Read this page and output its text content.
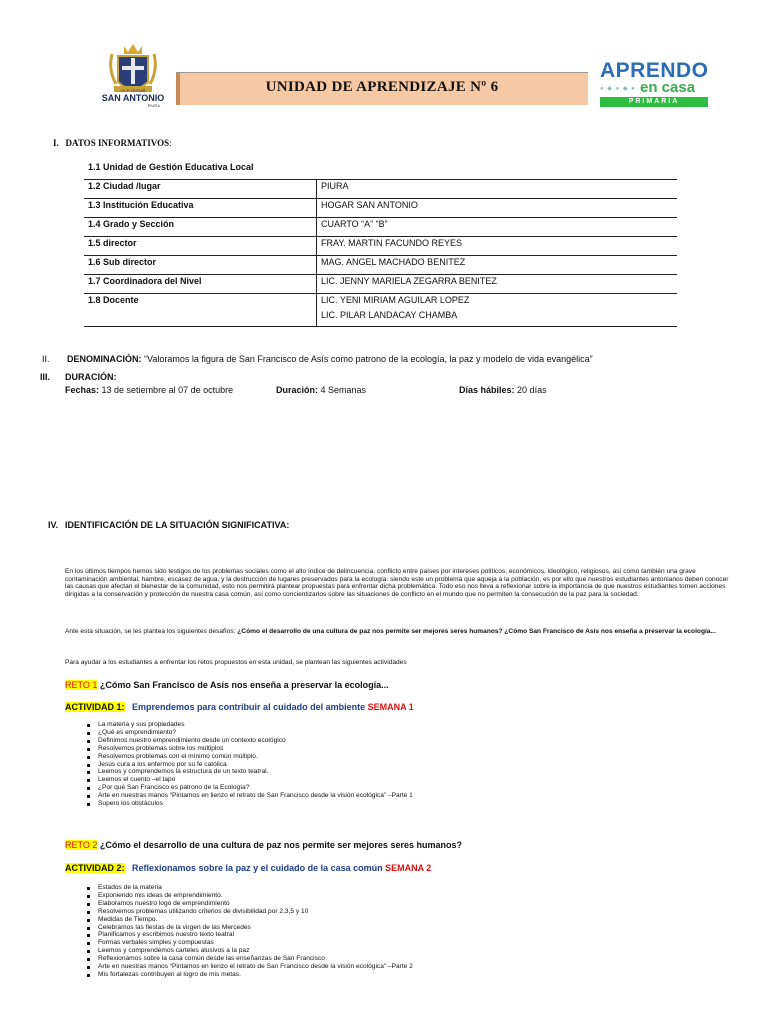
I.E.P. HOGAR
SAN ANTONIO
PIURA
UNIDAD DE APRENDIZAJE Nº 6
APRENDO
● ◆ ● ◆ ● en casa
PRIMARIA
I. DATOS INFORMATIVOS:
1.1 Unidad de Gestión Educativa Local	
1.2 Ciudad /lugar	PIURA
1.3 Institución Educativa	HOGAR SAN ANTONIO
1.4 Grado y Sección	CUARTO “A” “B”
1.5 director	FRAY. MARTIN FACUNDO REYES
1.6 Sub director	MAG. ANGEL MACHADO BENITEZ
1.7 Coordinadora del Nivel	LIC. JENNY MARIELA ZEGARRA BENITEZ
1.8 Docente	LIC. YENI MIRIAM AGUILAR LOPEZ
LIC. PILAR LANDACAY CHAMBA
II. DENOMINACIÓN: “Valoramos la figura de San Francisco de Asís como patrono de la ecología, la paz y modelo de vida evangélica”
III. DURACIÓN:
Fechas: 13 de setiembre al 07 de octubre	Duración: 4 Semanas	Días hábiles: 20 días
IV. IDENTIFICACIÓN DE LA SITUACIÓN SIGNIFICATIVA:
En los últimos tiempos hemos sido testigos de los problemas sociales como el alto índice de delincuencia, conflicto entre países por intereses políticos, económicos, ideológico, religiosos, así como también una grave contaminación ambiental, hambre, escasez de agua, y la destrucción de lugares preservados para la ecología. siendo este un problema que aqueja a la población, es por ello que nuestros estudiantes antonianos deben conocer las causas que afectan el bienestar de la comunidad, esto nos permitirá plantear propuestas para enfrentar dicha problemática. Todo eso nos lleva a reflexionar sobre la importancia de que nuestros estudiantes tomen acciones dirigidas a la conservación y protección de nuestra casa común, así como concientizarlos sobre las situaciones de conflicto en el mundo que no permiten la consecución de la paz para la sociedad.
Ante esta situación, se les plantea los siguientes desafíos: ¿Cómo el desarrollo de una cultura de paz nos permite ser mejores seres humanos? ¿Cómo San Francisco de Asís nos enseña a preservar la ecología...
Para ayudar a los estudiantes a enfrentar los retos propuestos en esta unidad, se plantean las siguientes actividades
RETO 1 ¿Cómo San Francisco de Asís nos enseña a preservar la ecología...
ACTIVIDAD 1: Emprendemos para contribuir al cuidado del ambiente SEMANA 1
La materia y sus propiedades
¿Qué es emprendimiento?
Definimos nuestro emprendimiento desde un contexto ecológico
Resolvemos problemas sobre los múltiplos
Resolvemos problemas con el mínimo común múltiplo.
Jesús cura a los enfermos por su fe católica
Leemos y comprendemos la estructura de un texto teatral.
Leemos el cuento –el tapo
¿Por qué San Francisco es patrono de la Ecología?
Arte en nuestras manos “Pintamos en lienzo el retrato de San Francisco desde la visión ecológica” –Parte 1
Supero los obstáculos
RETO 2 ¿Cómo el desarrollo de una cultura de paz nos permite ser mejores seres humanos?
ACTIVIDAD 2: Reflexionamos sobre la paz y el cuidado de la casa común SEMANA 2
Estados de la materia
Exponiendo mis ideas de emprendimiento.
Elaboramos nuestro logo de emprendimiento
Resolvemos problemas utilizando criterios de divisibilidad por 2,3,5 y 10
Medidas de Tiempo.
Celebramos las fiestas de la virgen de las Mercedes
Planificamos y escribimos nuestro texto teatral
Formas verbales simples y compuestas
Leemos y comprendemos carteles alusivos a la paz
Reflexionamos sobre la casa común desde las enseñanzas de San Francisco
Arte en nuestras manos “Pintamos en lienzo el retrato de San Francisco desde la visión ecológica” –Parte 2
Mis fortalezas contribuyen al logro de mis metas.
